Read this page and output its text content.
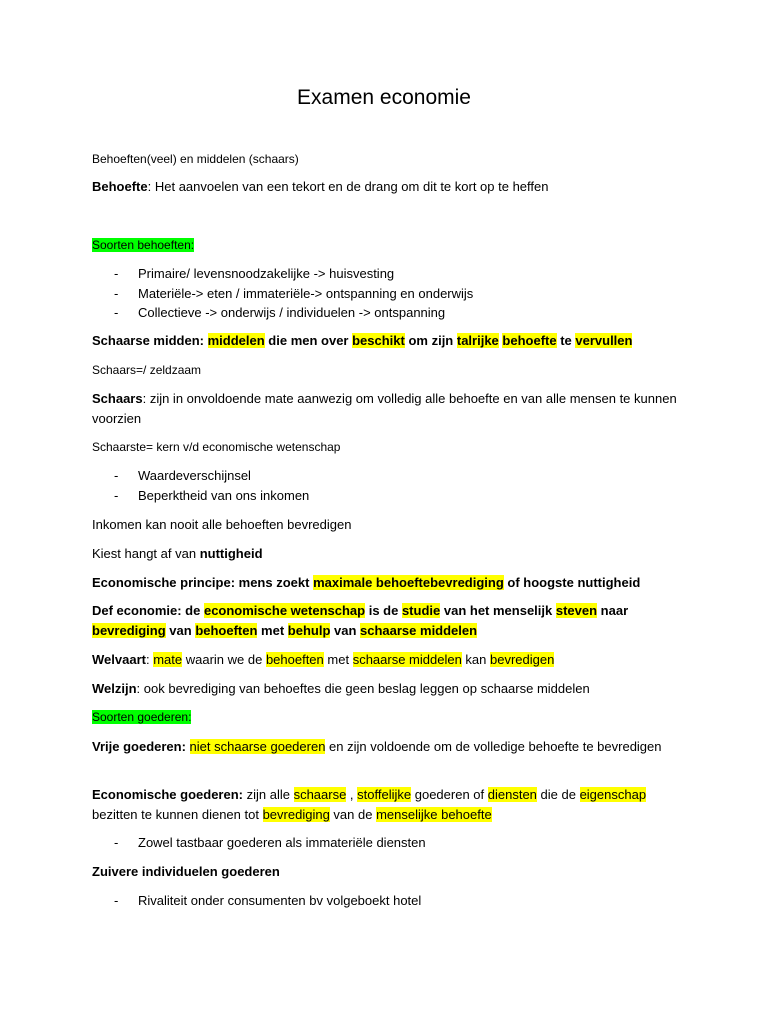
Examen economie
Behoeften(veel) en middelen (schaars)
Behoefte: Het aanvoelen van een tekort en de drang om dit te kort op te heffen
Soorten behoeften:
- Primaire/ levensnoodzakelijke -> huisvesting
- Materiële-> eten / immateriële-> ontspanning en onderwijs
- Collectieve -> onderwijs / individuelen -> ontspanning
Schaarse midden: middelen die men over beschikt om zijn talrijke behoefte te vervullen
Schaars=/ zeldzaam
Schaars: zijn in onvoldoende mate aanwezig om volledig alle behoefte en van alle mensen te kunnen voorzien
Schaarste= kern v/d economische wetenschap
- Waardeverschijnsel
- Beperktheid van ons inkomen
Inkomen kan nooit alle behoeften bevredigen
Kiest hangt af van nuttigheid
Economische principe: mens zoekt maximale behoeftebevrediging of hoogste nuttigheid
Def economie: de economische wetenschap is de studie van het menselijk steven naar bevrediging van behoeften met behulp van schaarse middelen
Welvaart: mate waarin we de behoeften met schaarse middelen kan bevredigen
Welzijn: ook bevrediging van behoeftes die geen beslag leggen op schaarse middelen
Soorten goederen:
Vrije goederen: niet schaarse goederen en zijn voldoende om de volledige behoefte te bevredigen
Economische goederen: zijn alle schaarse , stoffelijke goederen of diensten die de eigenschap bezitten te kunnen dienen tot bevrediging van de menselijke behoefte
- Zowel tastbaar goederen als immateriële diensten
Zuivere individuelen goederen
- Rivaliteit onder consumenten bv volgeboekt hotel
